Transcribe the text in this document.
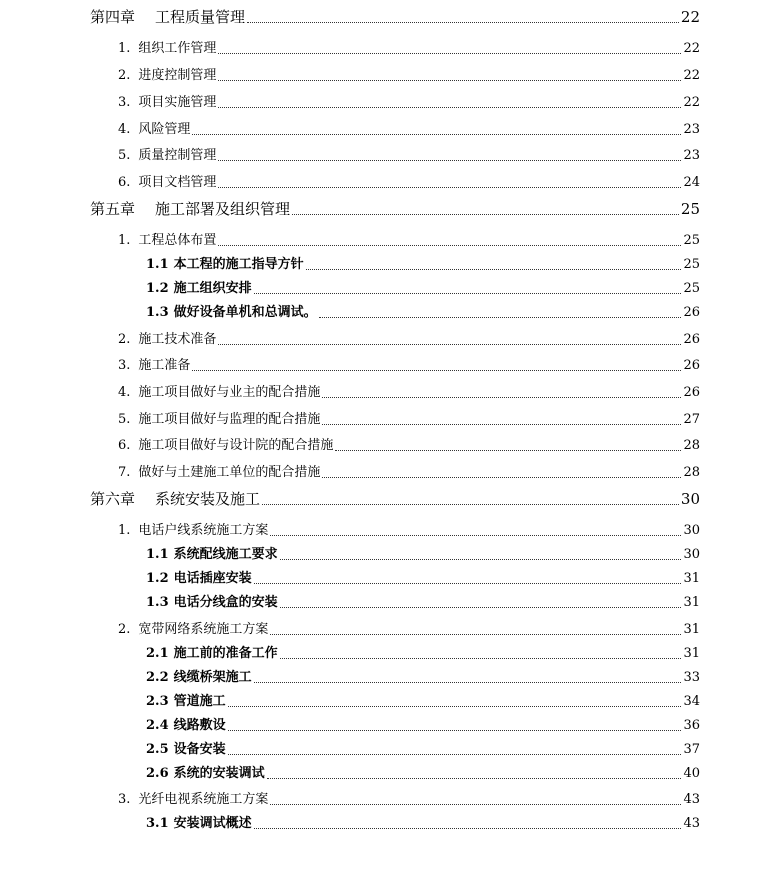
第四章 工程质量管理	22
1. 组织工作管理	22
2. 进度控制管理	22
3. 项目实施管理	22
4. 风险管理	23
5. 质量控制管理	23
6. 项目文档管理	24
第五章 施工部署及组织管理	25
1. 工程总体布置	25
1.1 本工程的施工指导方针	25
1.2 施工组织安排	25
1.3 做好设备单机和总调试。	26
2. 施工技术准备	26
3. 施工准备	26
4. 施工项目做好与业主的配合措施	26
5. 施工项目做好与监理的配合措施	27
6. 施工项目做好与设计院的配合措施	28
7. 做好与土建施工单位的配合措施	28
第六章 系统安装及施工	30
1. 电话户线系统施工方案	30
1.1 系统配线施工要求	30
1.2 电话插座安装	31
1.3 电话分线盒的安装	31
2. 宽带网络系统施工方案	31
2.1 施工前的准备工作	31
2.2 线缆桥架施工	33
2.3 管道施工	34
2.4 线路敷设	36
2.5 设备安装	37
2.6 系统的安装调试	40
3. 光纤电视系统施工方案	43
3.1 安装调试概述	43
